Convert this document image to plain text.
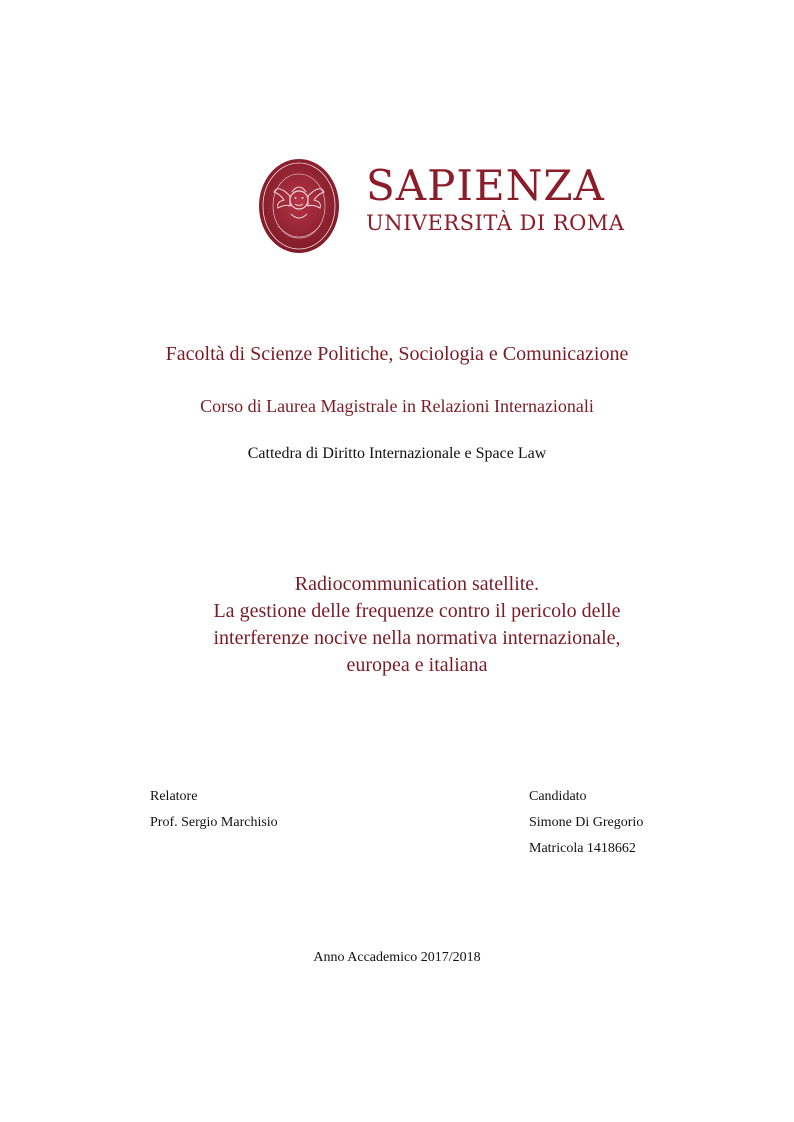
SAPIENZA
UNIVERSITÀ DI ROMA
Facoltà di Scienze Politiche, Sociologia e Comunicazione
Corso di Laurea Magistrale in Relazioni Internazionali
Cattedra di Diritto Internazionale e Space Law
Radiocommunication satellite.
La gestione delle frequenze contro il pericolo delle
interferenze nocive nella normativa internazionale,
europea e italiana
Relatore
Prof. Sergio Marchisio
Candidato
Simone Di Gregorio
Matricola 1418662
Anno Accademico 2017/2018
